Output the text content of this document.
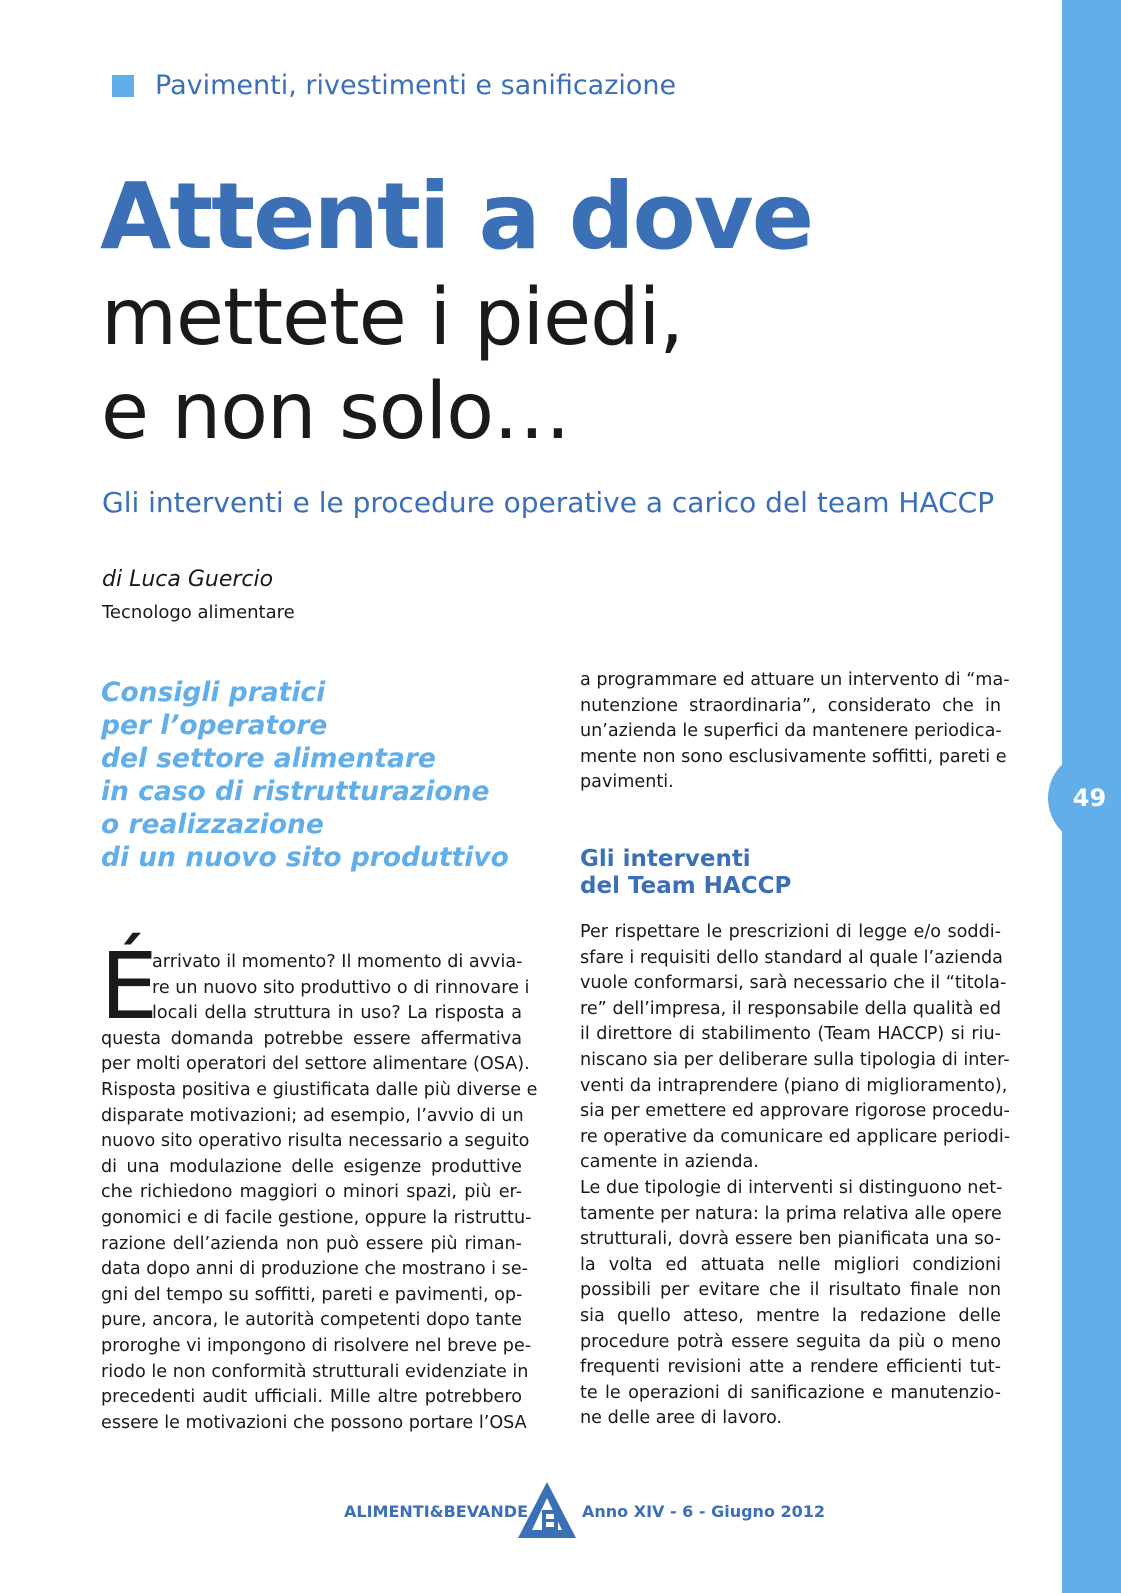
49
Pavimenti, rivestimenti e sanificazione
Attenti a dove
mettete i piedi,
e non solo…
Gli interventi e le procedure operative a carico del team HACCP
di Luca Guercio
Tecnologo alimentare
Consigli pratici
per l’operatore
del settore alimentare
in caso di ristrutturazione
o realizzazione
di un nuovo sito produttivo
É
arrivato il momento? Il momento di avvia-
re un nuovo sito produttivo o di rinnovare i
locali della struttura in uso? La risposta a
questa domanda potrebbe essere affermativa
per molti operatori del settore alimentare (OSA).
Risposta positiva e giustificata dalle più diverse e
disparate motivazioni; ad esempio, l’avvio di un
nuovo sito operativo risulta necessario a seguito
di una modulazione delle esigenze produttive
che richiedono maggiori o minori spazi, più er-
gonomici e di facile gestione, oppure la ristruttu-
razione dell’azienda non può essere più riman-
data dopo anni di produzione che mostrano i se-
gni del tempo su soffitti, pareti e pavimenti, op-
pure, ancora, le autorità competenti dopo tante
proroghe vi impongono di risolvere nel breve pe-
riodo le non conformità strutturali evidenziate in
precedenti audit ufficiali. Mille altre potrebbero
essere le motivazioni che possono portare l’OSA
a programmare ed attuare un intervento di “ma-
nutenzione straordinaria”, considerato che in
un’azienda le superfici da mantenere periodica-
mente non sono esclusivamente soffitti, pareti e
pavimenti.
Gli interventi
del Team HACCP
Per rispettare le prescrizioni di legge e/o soddi-
sfare i requisiti dello standard al quale l’azienda
vuole conformarsi, sarà necessario che il “titola-
re” dell’impresa, il responsabile della qualità ed
il direttore di stabilimento (Team HACCP) si riu-
niscano sia per deliberare sulla tipologia di inter-
venti da intraprendere (piano di miglioramento),
sia per emettere ed approvare rigorose procedu-
re operative da comunicare ed applicare periodi-
camente in azienda.
Le due tipologie di interventi si distinguono net-
tamente per natura: la prima relativa alle opere
strutturali, dovrà essere ben pianificata una so-
la volta ed attuata nelle migliori condizioni
possibili per evitare che il risultato finale non
sia quello atteso, mentre la redazione delle
procedure potrà essere seguita da più o meno
frequenti revisioni atte a rendere efficienti tut-
te le operazioni di sanificazione e manutenzio-
ne delle aree di lavoro.
ALIMENTI&BEVANDE	Anno XIV - 6 - Giugno 2012
